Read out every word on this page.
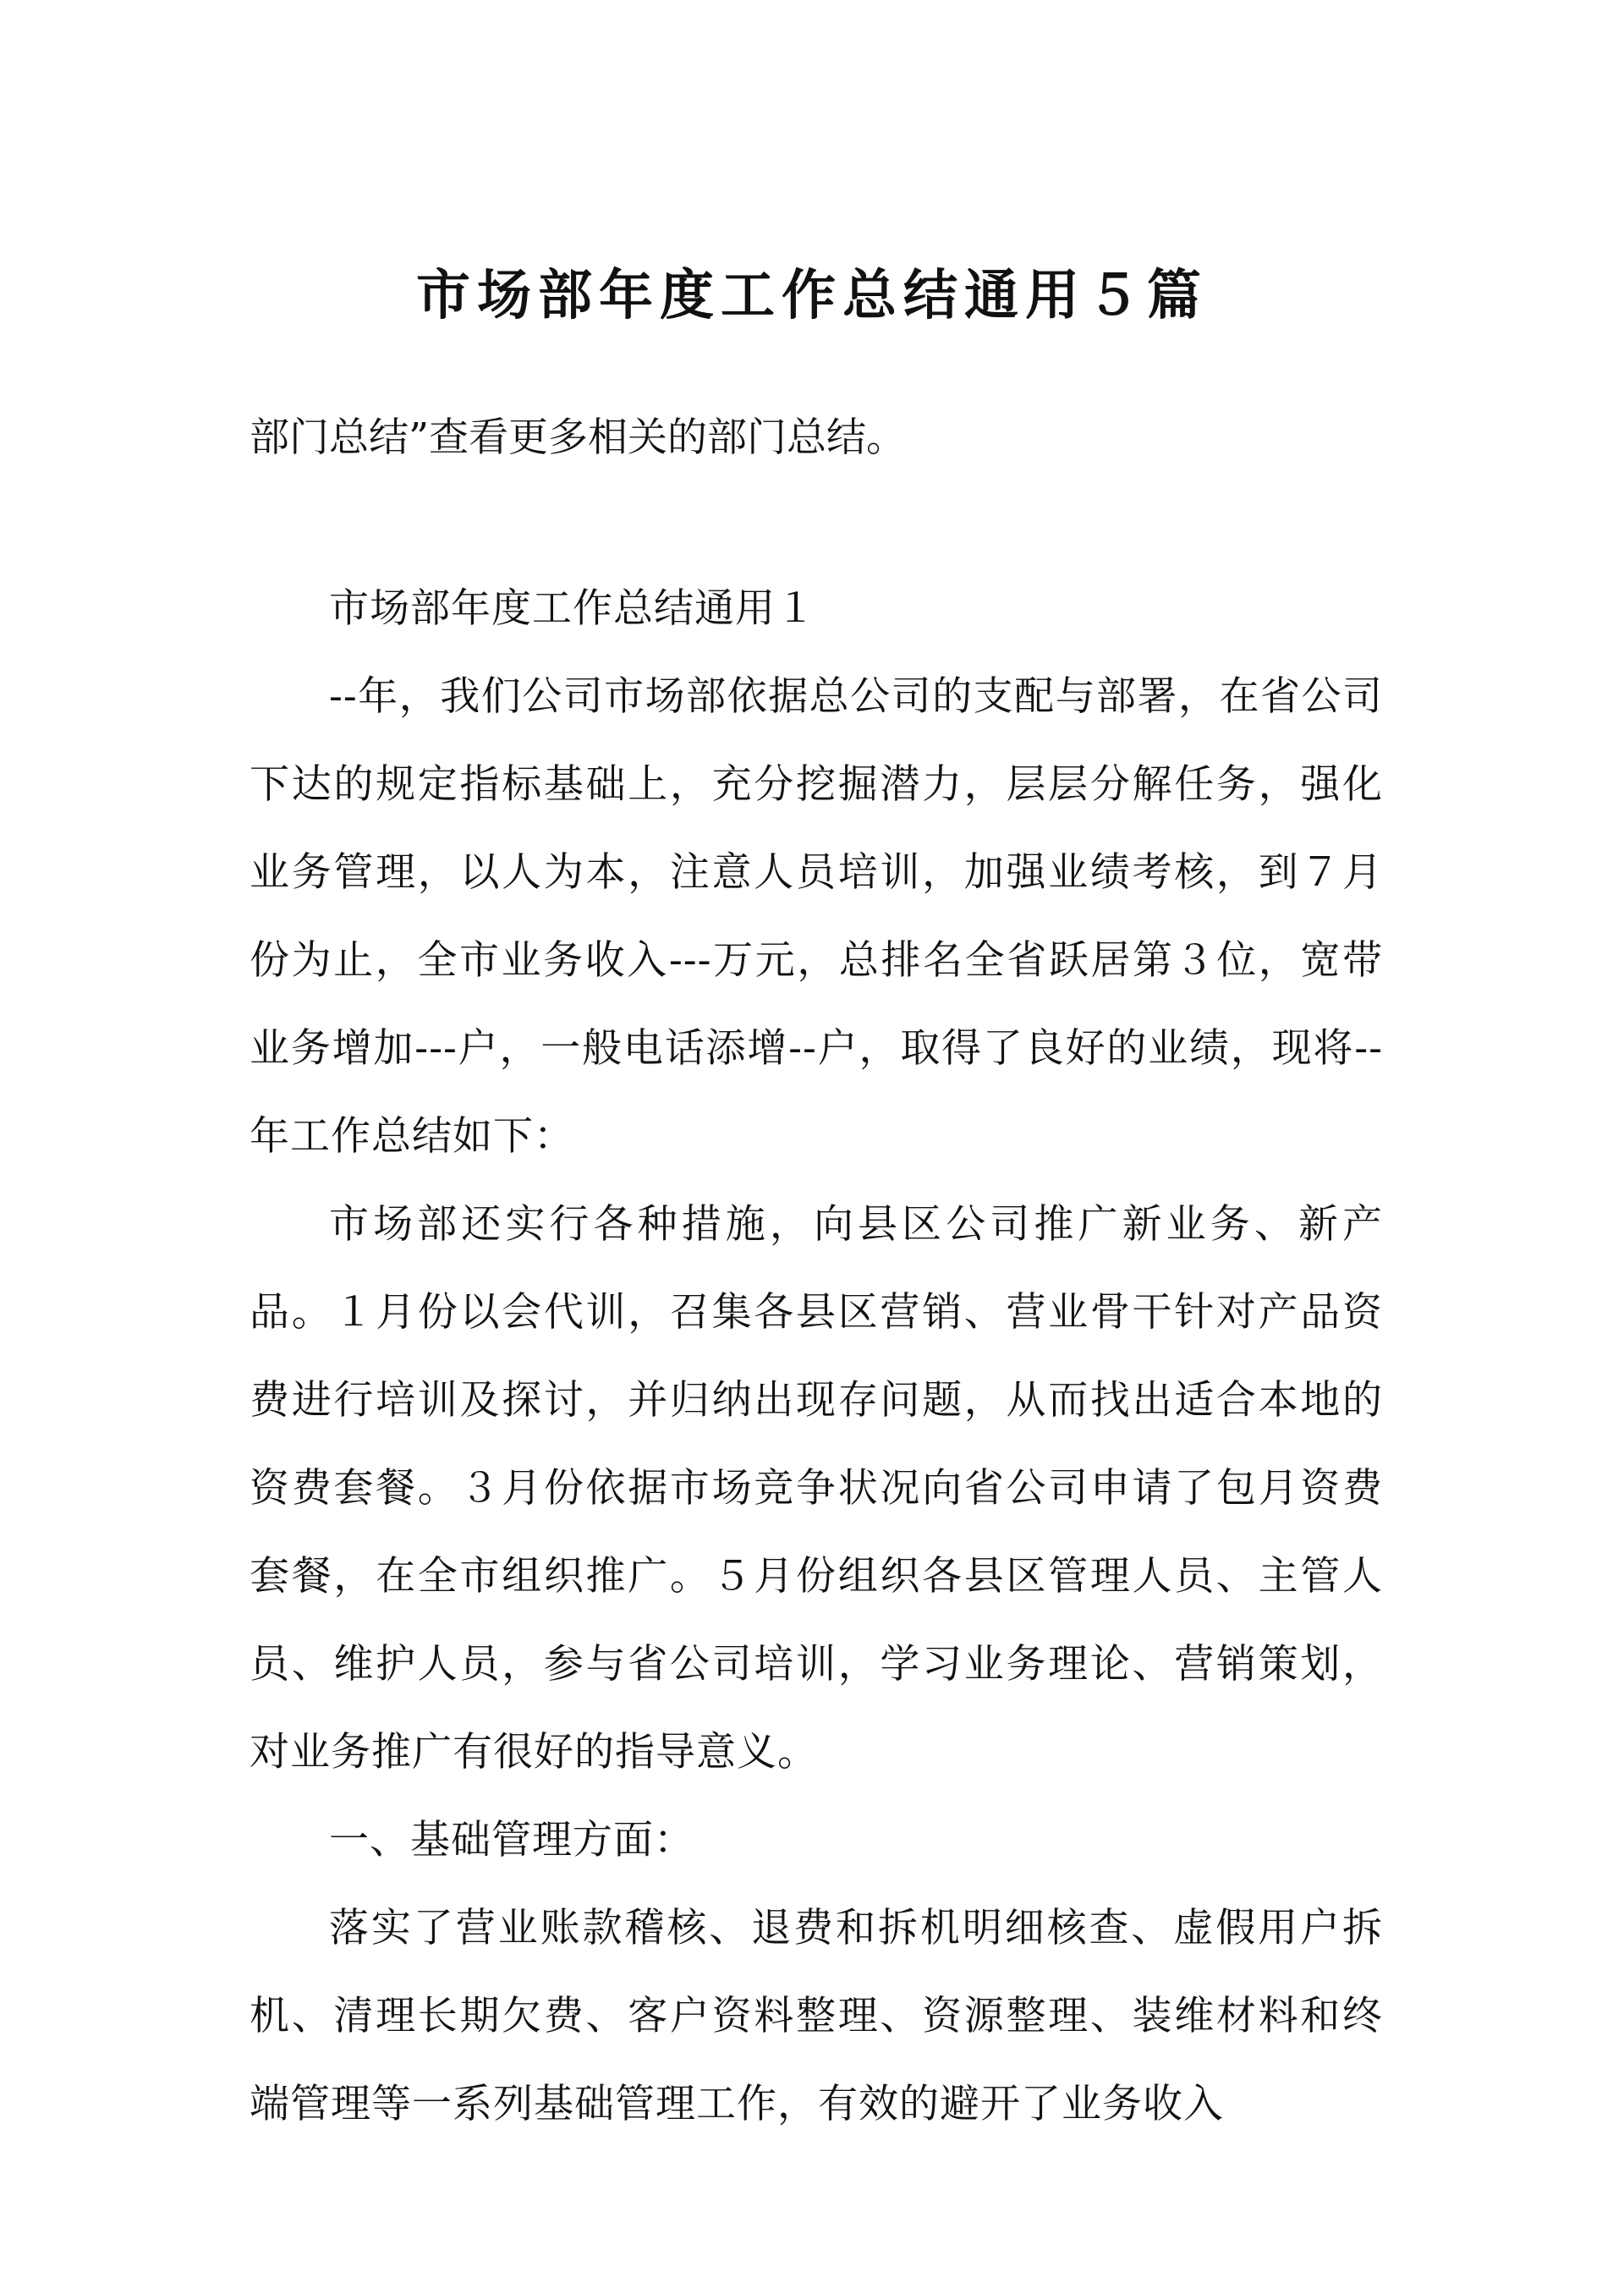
市场部年度工作总结通用５篇

部门总结”查看更多相关的部门总结。

市场部年度工作总结通用１

--年，我们公司市场部依据总公司的支配与部署，在省公司下达的规定指标基础上，充分挖掘潜力，层层分解任务，强化业务管理，以人为本，注意人员培训，加强业绩考核，到７月份为止，全市业务收入---万元，总排名全省跃居第３位，宽带业务增加---户，一般电话添增--户，取得了良好的业绩，现将--年工作总结如下：

市场部还实行各种措施，向县区公司推广新业务、新产品。１月份以会代训，召集各县区营销、营业骨干针对产品资费进行培训及探讨，并归纳出现存问题，从而找出适合本地的资费套餐。３月份依据市场竞争状况向省公司申请了包月资费套餐，在全市组织推广。５月份组织各县区管理人员、主管人员、维护人员，参与省公司培训，学习业务理论、营销策划，对业务推广有很好的指导意义。

一、基础管理方面：

落实了营业账款稽核、退费和拆机明细核查、虚假用户拆机、清理长期欠费、客户资料整理、资源整理、装维材料和终端管理等一系列基础管理工作，有效的避开了业务收入
